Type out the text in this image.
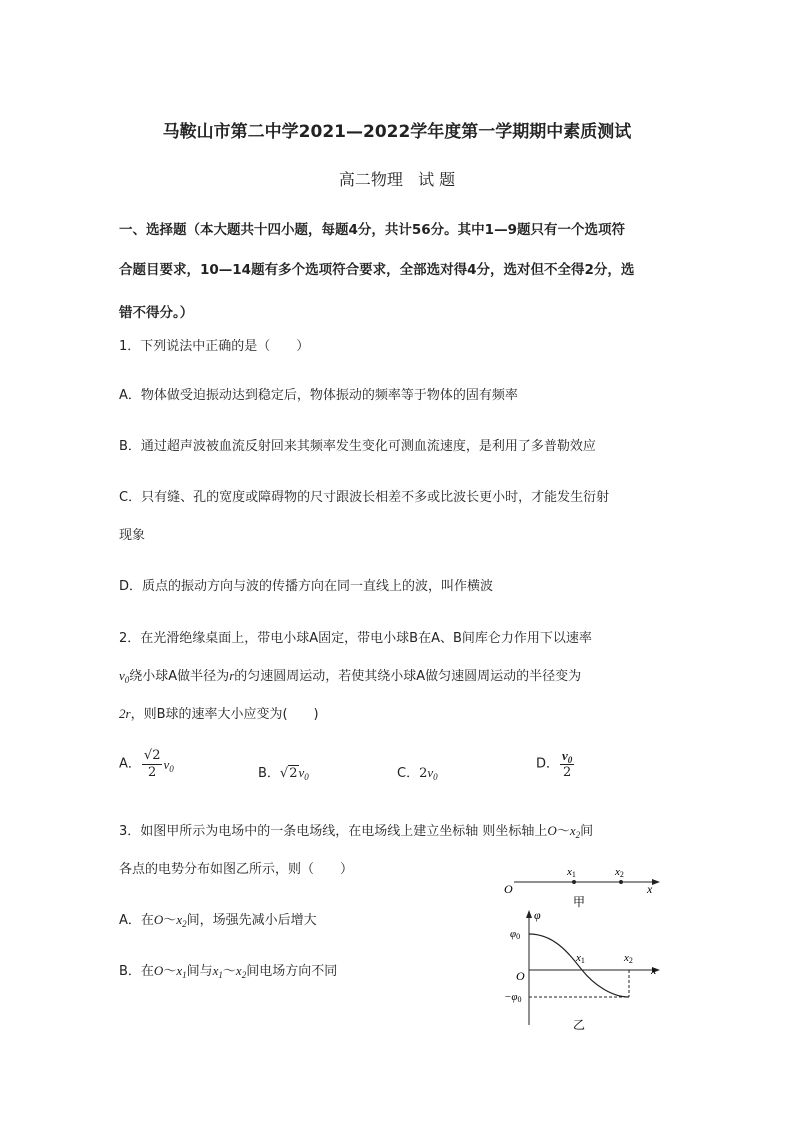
马鞍山市第二中学2021—2022学年度第一学期期中素质测试
高二物理   试 题
一、选择题（本大题共十四小题，每题4分，共计56分。其中1—9题只有一个选项符
合题目要求，10—14题有多个选项符合要求，全部选对得4分，选对但不全得2分，选
错不得分。）
1．下列说法中正确的是（　　）
A．物体做受迫振动达到稳定后，物体振动的频率等于物体的固有频率
B．通过超声波被血流反射回来其频率发生变化可测血流速度，是利用了多普勒效应
C．只有缝、孔的宽度或障碍物的尺寸跟波长相差不多或比波长更小时，才能发生衍射
现象
D．质点的振动方向与波的传播方向在同一直线上的波，叫作横波
2．在光滑绝缘桌面上，带电小球A固定，带电小球B在A、B间库仑力作用下以速率
$v_0$绕小球A做半径为r的匀速圆周运动，若使其绕小球A做匀速圆周运动的半径变为
2r，则B球的速率大小应变为(　　)
A． $\frac{√2}{2} v_0$	B．$√2v_0$	C．$2v_0$
D． $\frac{v_0}{2}$
3．如图甲所示为电场中的一条电场线，在电场线上建立坐标轴 则坐标轴上$O\sim x_2$间
各点的电势分布如图乙所示，则（　　）
A．在$O\sim x_2$间，场强先减小后增大
B．在$O\sim x_1$间与$x_1\sim x_2$间电场方向不同
O
x1	x2
x
甲
φ
φ0
O
x1	x2
x
−φ0
乙
